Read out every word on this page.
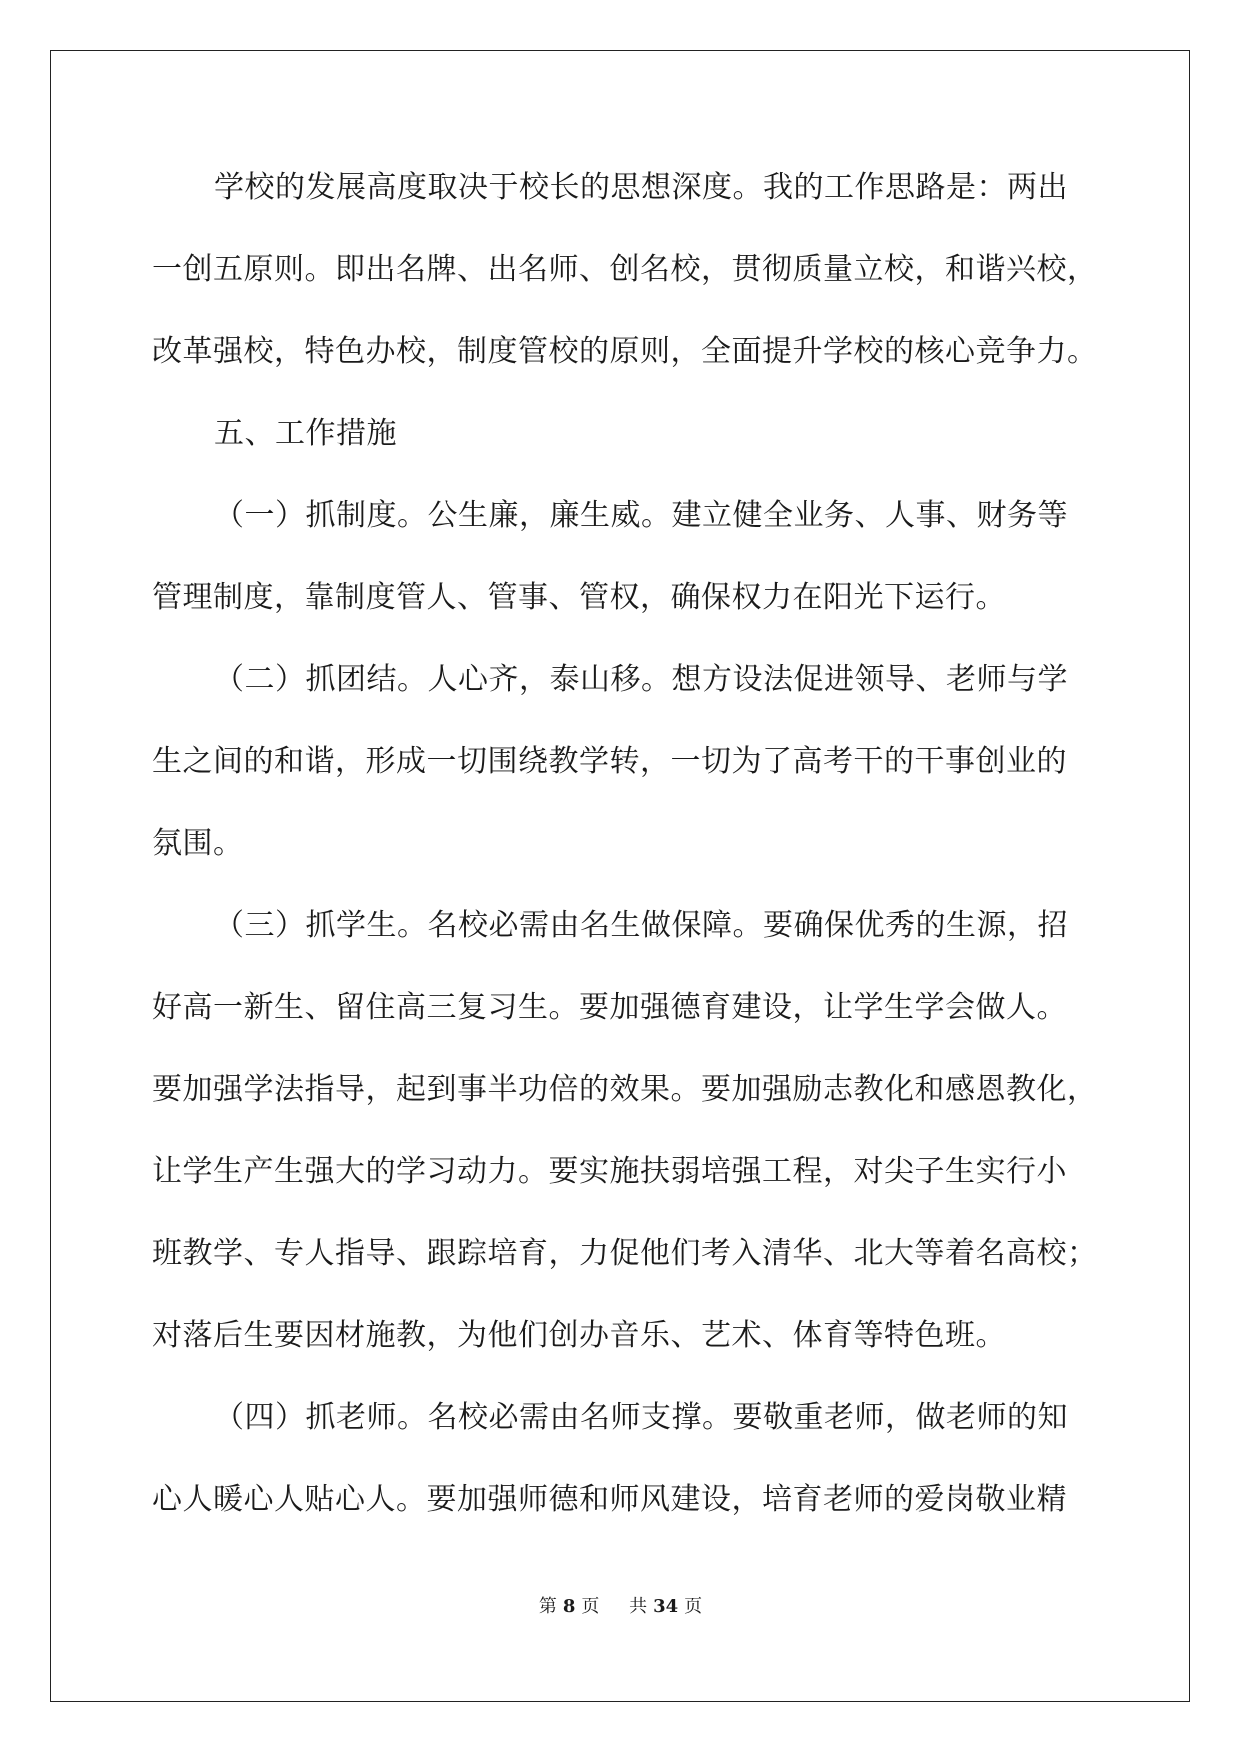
学校的发展高度取决于校长的思想深度。我的工作思路是：两出
一创五原则。即出名牌、出名师、创名校，贯彻质量立校，和谐兴校，
改革强校，特色办校，制度管校的原则，全面提升学校的核心竞争力。
五、工作措施
（一）抓制度。公生廉，廉生威。建立健全业务、人事、财务等
管理制度，靠制度管人、管事、管权，确保权力在阳光下运行。
（二）抓团结。人心齐，泰山移。想方设法促进领导、老师与学
生之间的和谐，形成一切围绕教学转，一切为了高考干的干事创业的
氛围。
（三）抓学生。名校必需由名生做保障。要确保优秀的生源，招
好高一新生、留住高三复习生。要加强德育建设，让学生学会做人。
要加强学法指导，起到事半功倍的效果。要加强励志教化和感恩教化，
让学生产生强大的学习动力。要实施扶弱培强工程，对尖子生实行小
班教学、专人指导、跟踪培育，力促他们考入清华、北大等着名高校；
对落后生要因材施教，为他们创办音乐、艺术、体育等特色班。
（四）抓老师。名校必需由名师支撑。要敬重老师，做老师的知
心人暖心人贴心人。要加强师德和师风建设，培育老师的爱岗敬业精
第 8 页 共 34 页
